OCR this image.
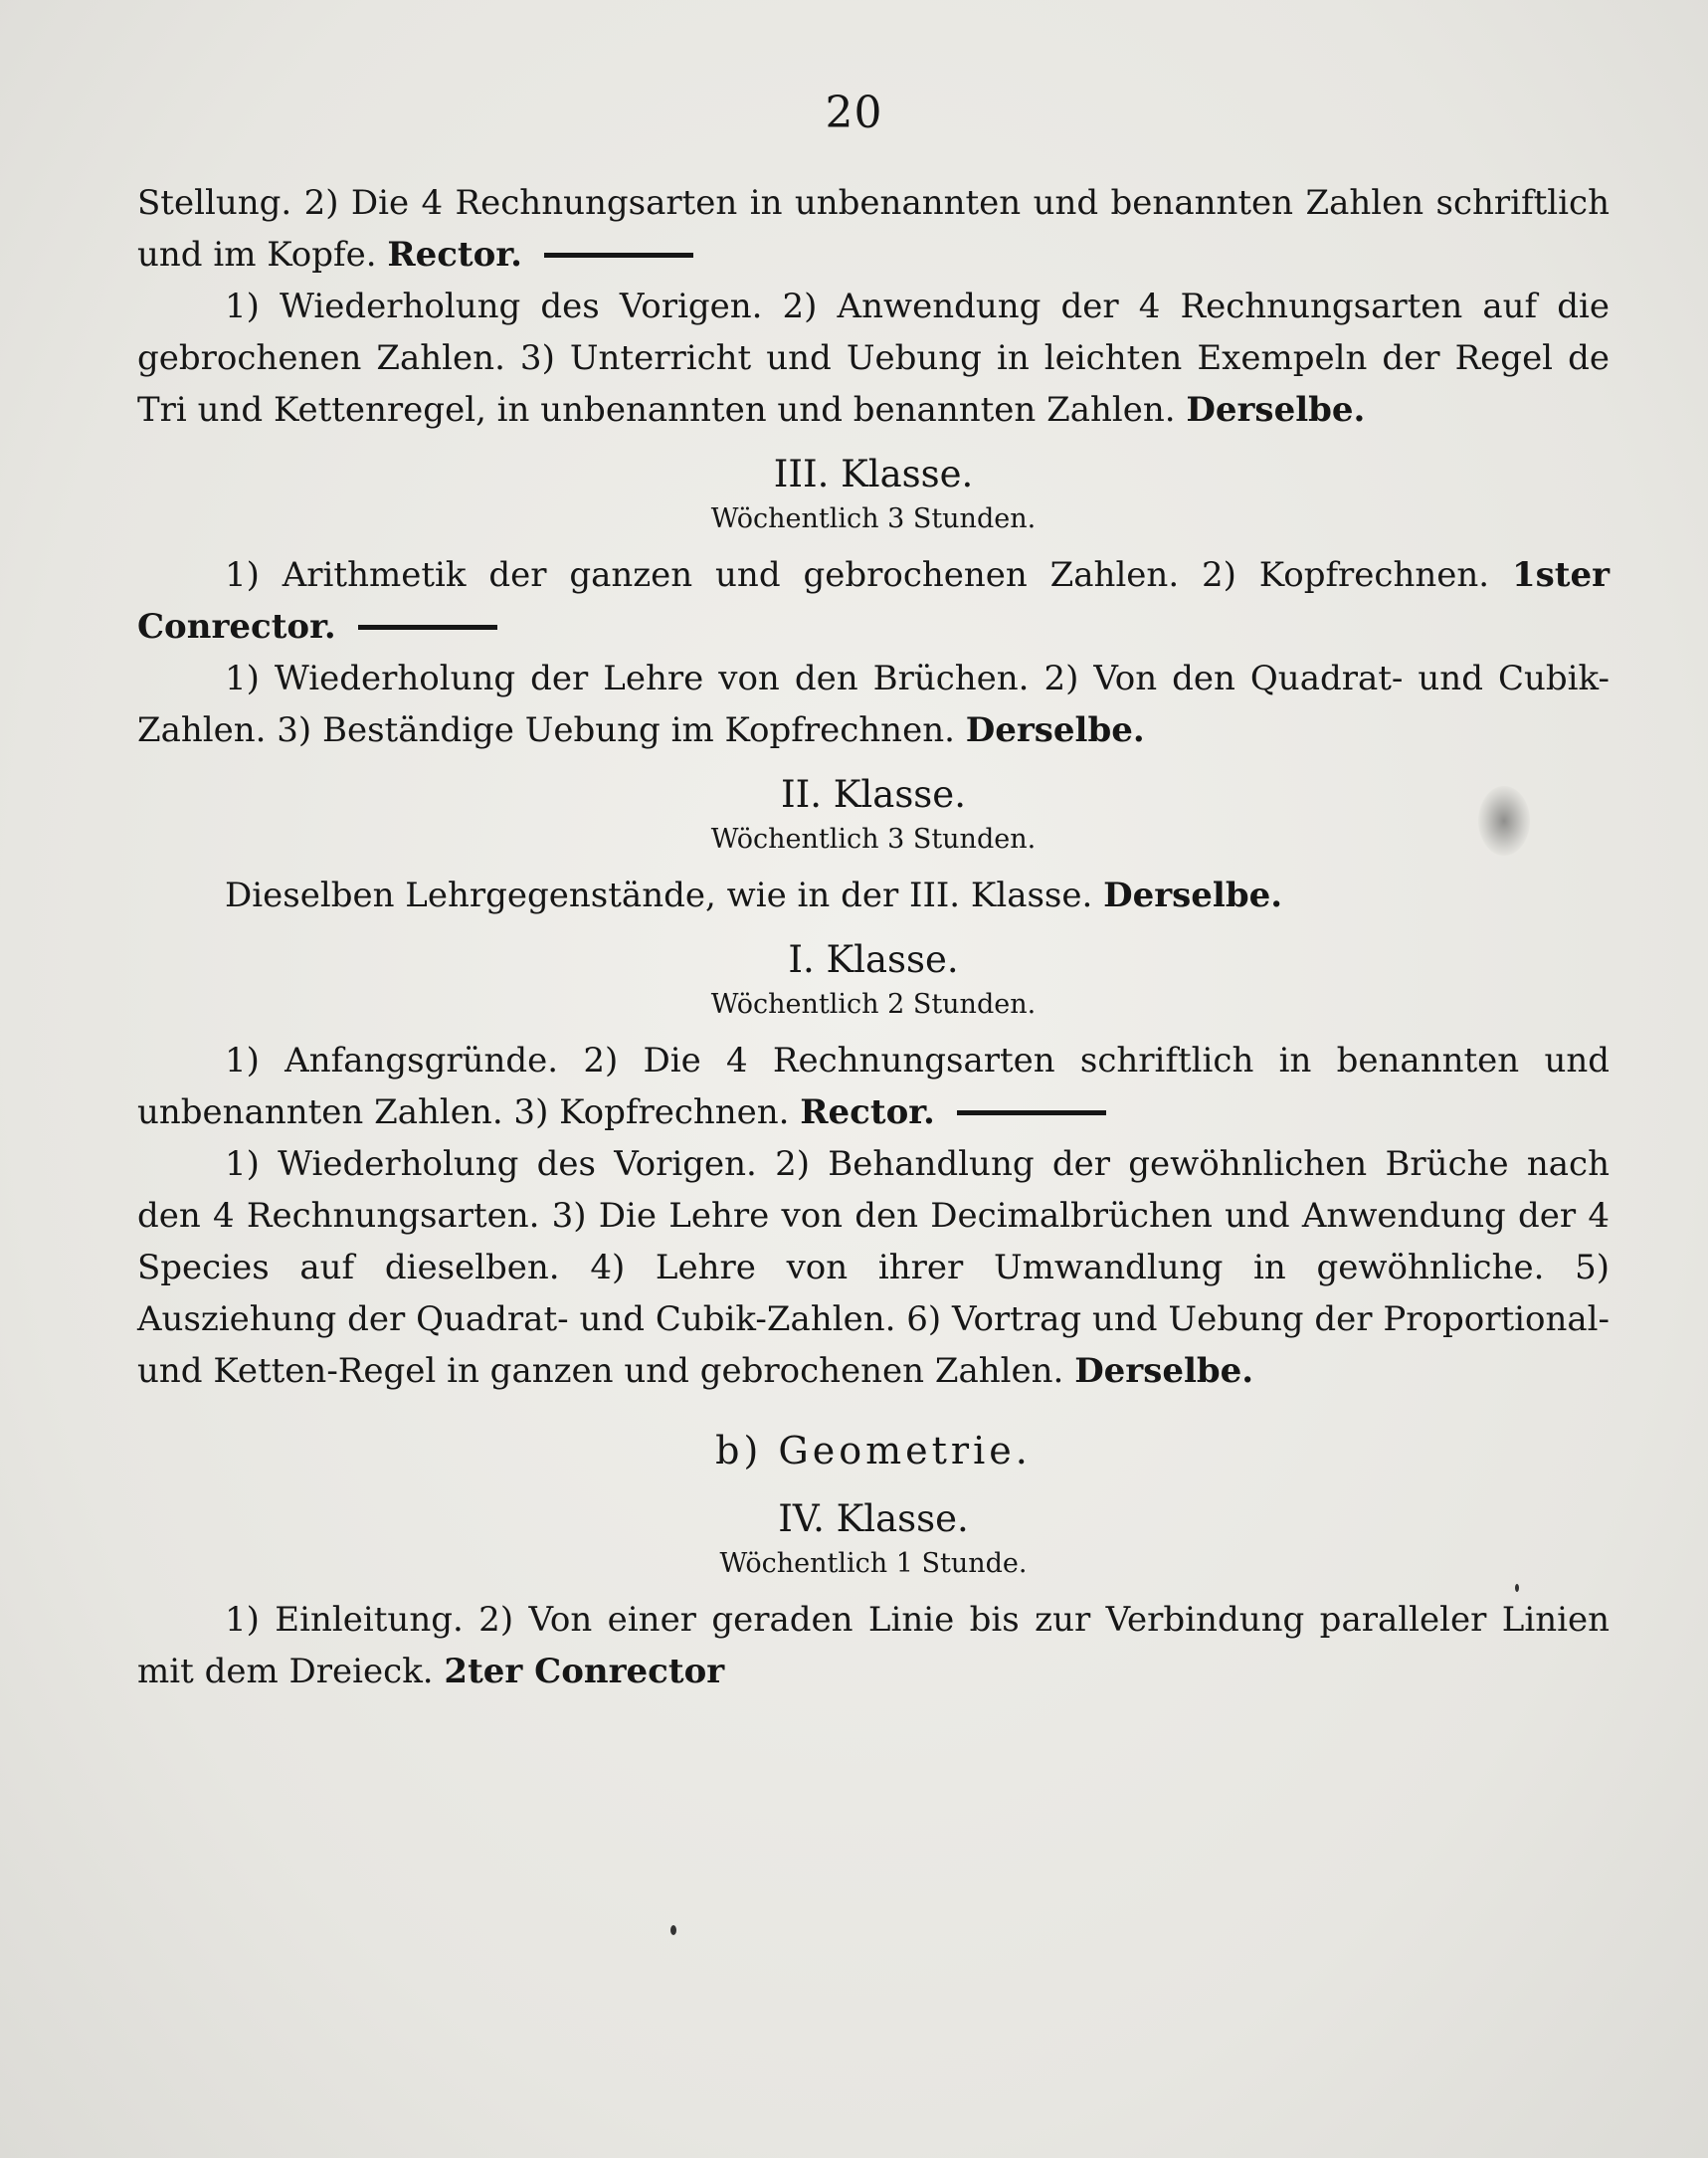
20

Stellung. 2) Die 4 Rechnungsarten in unbenannten und benannten Zahlen schriftlich und im Kopfe. Rector.

1) Wiederholung des Vorigen. 2) Anwendung der 4 Rechnungsarten auf die gebrochenen Zahlen. 3) Unterricht und Uebung in leichten Exempeln der Regel de Tri und Kettenregel, in unbenannten und benannten Zahlen. Derselbe.

III. Klasse.
Wöchentlich 3 Stunden.

1) Arithmetik der ganzen und gebrochenen Zahlen. 2) Kopfrechnen. 1ster Conrector.

1) Wiederholung der Lehre von den Brüchen. 2) Von den Quadrat- und Cubik-Zahlen. 3) Beständige Uebung im Kopfrechnen. Derselbe.

II. Klasse.
Wöchentlich 3 Stunden.

Dieselben Lehrgegenstände, wie in der III. Klasse. Derselbe.

I. Klasse.
Wöchentlich 2 Stunden.

1) Anfangsgründe. 2) Die 4 Rechnungsarten schriftlich in benannten und unbenannten Zahlen. 3) Kopfrechnen. Rector.

1) Wiederholung des Vorigen. 2) Behandlung der gewöhnlichen Brüche nach den 4 Rechnungsarten. 3) Die Lehre von den Decimalbrüchen und Anwendung der 4 Species auf dieselben. 4) Lehre von ihrer Umwandlung in gewöhnliche. 5) Ausziehung der Quadrat- und Cubik-Zahlen. 6) Vortrag und Uebung der Proportional- und Ketten-Regel in ganzen und gebrochenen Zahlen. Derselbe.

b) Geometrie.
IV. Klasse.
Wöchentlich 1 Stunde.

1) Einleitung. 2) Von einer geraden Linie bis zur Verbindung paralleler Linien mit dem Dreieck. 2ter Conrector
